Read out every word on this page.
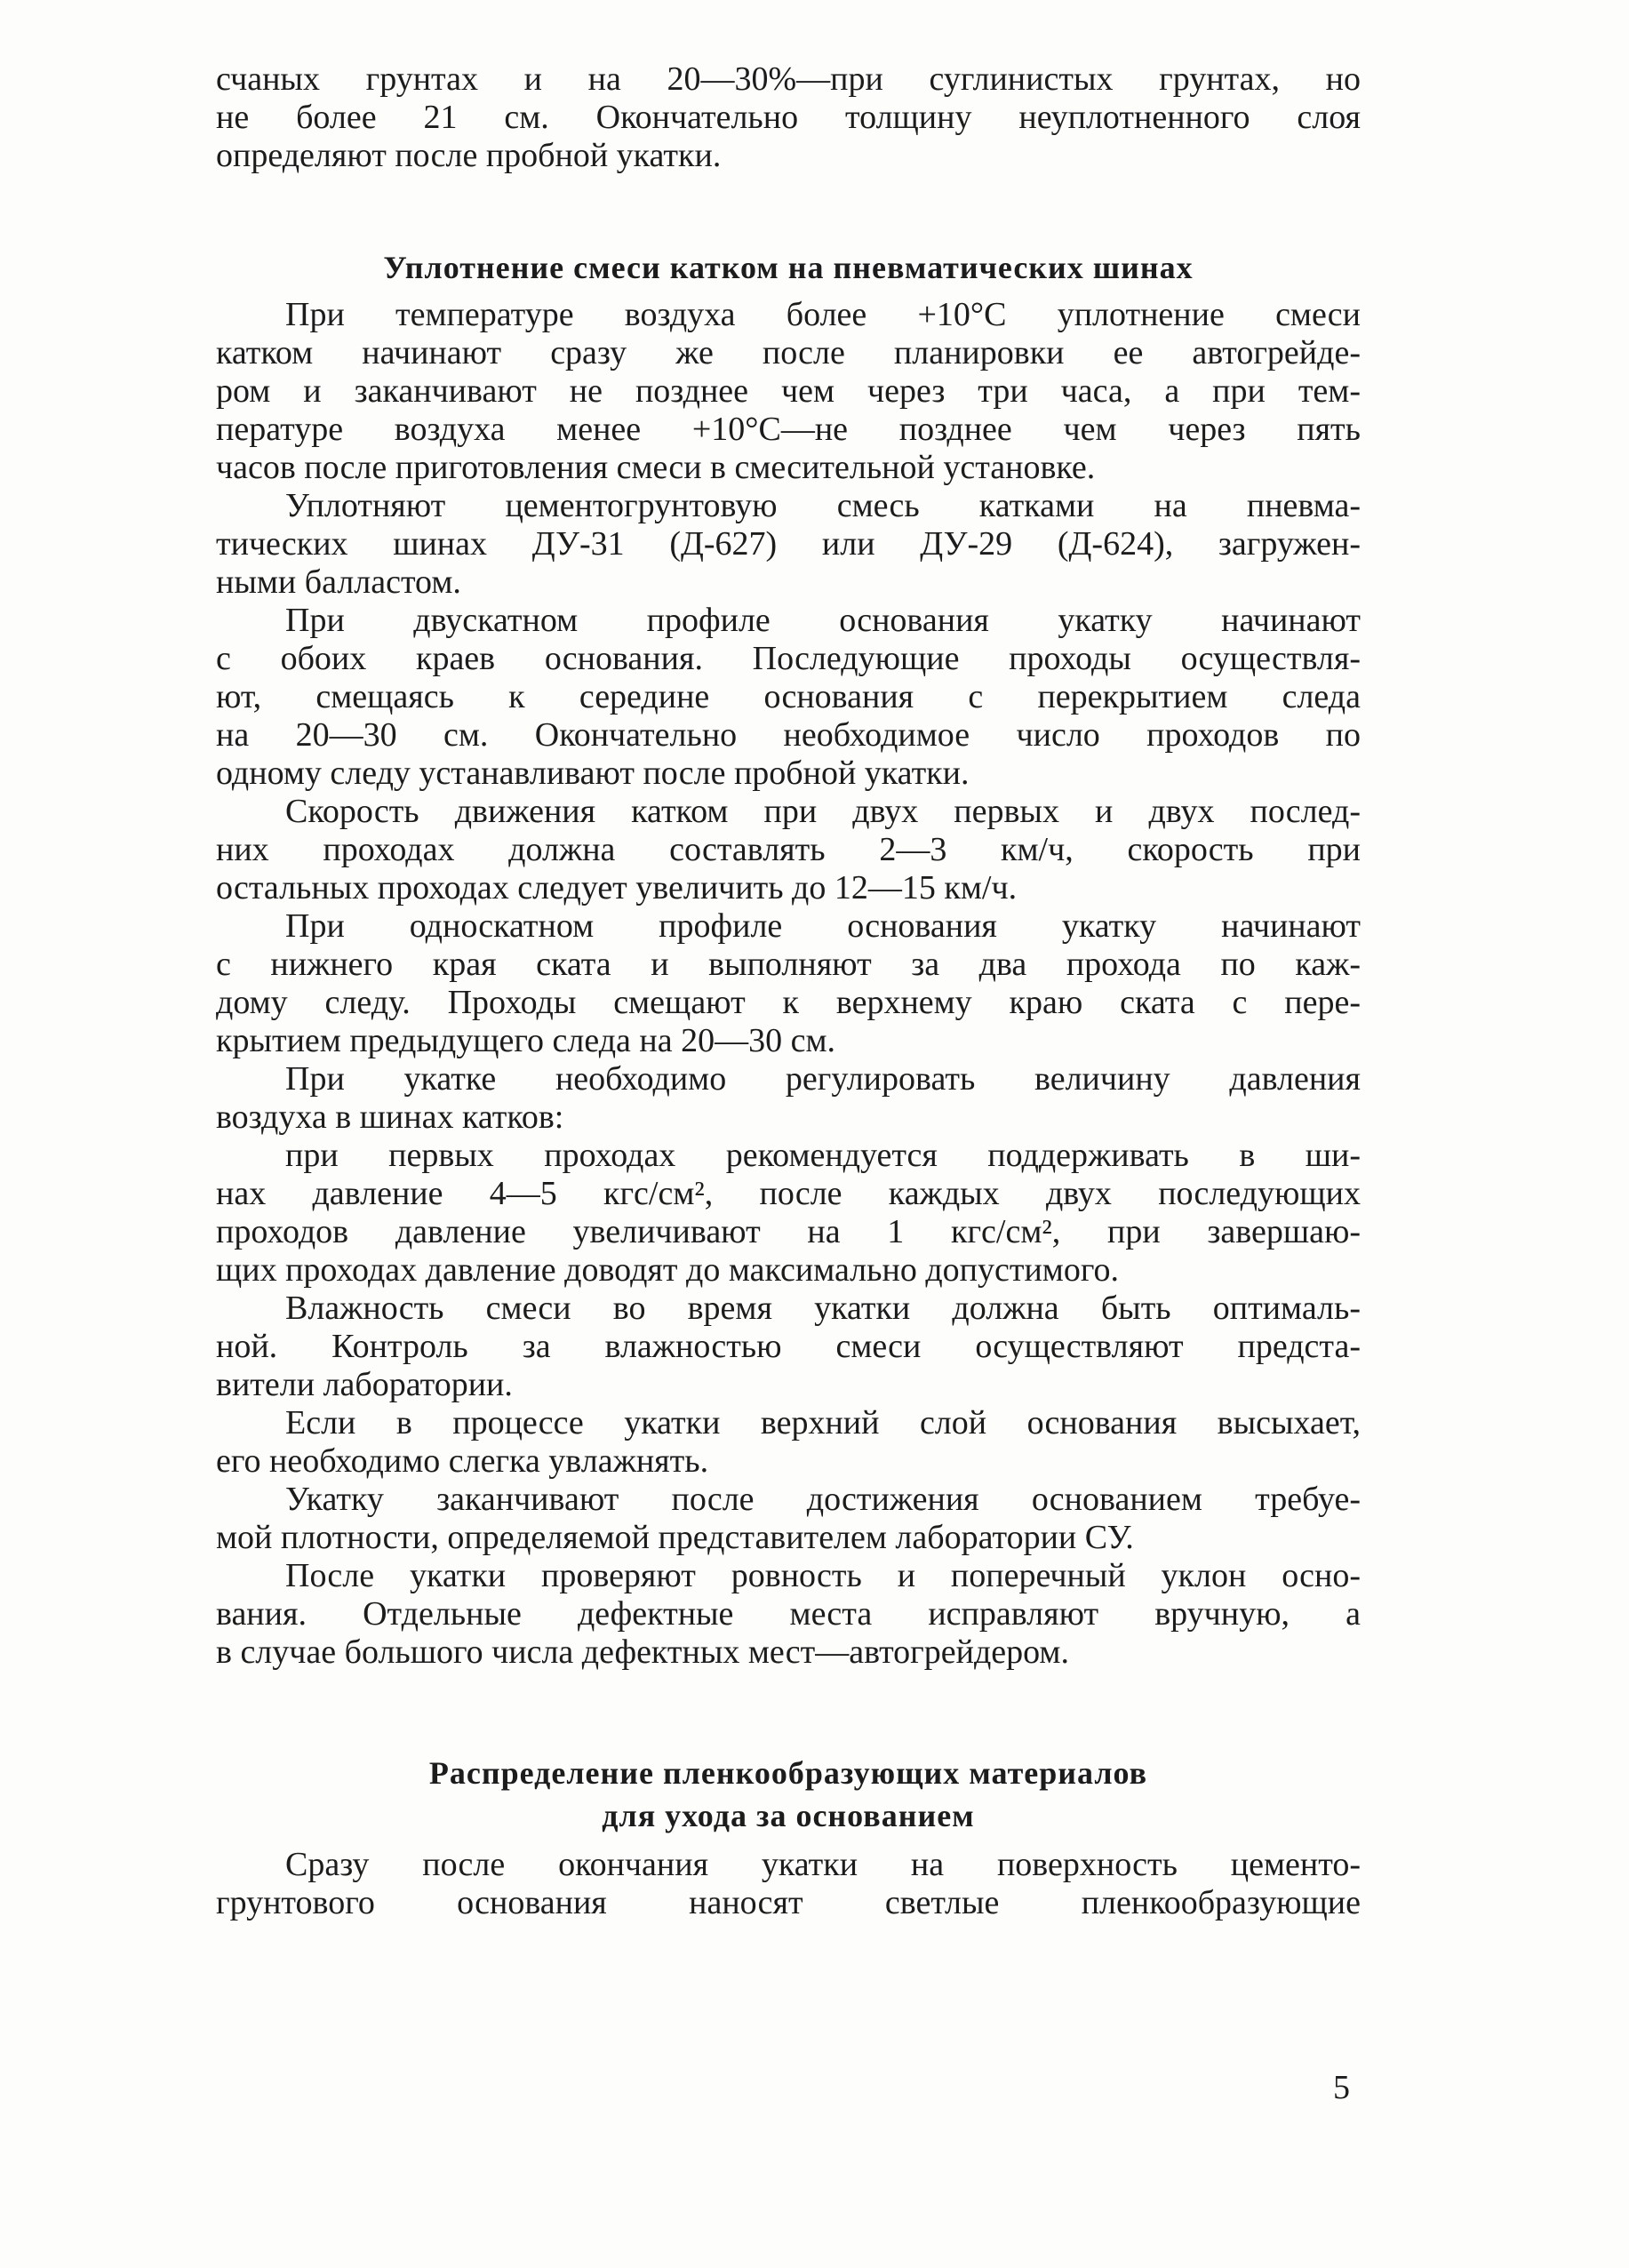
счаных грунтах и на 20—30%—при суглинистых грунтах, но
не более 21 см. Окончательно толщину неуплотненного слоя
определяют после пробной укатки.
Уплотнение смеси катком на пневматических шинах
При температуре воздуха более +10°С уплотнение смеси
катком начинают сразу же после планировки ее автогрейде-
ром и заканчивают не позднее чем через три часа, а при тем-
пературе воздуха менее +10°С—не позднее чем через пять
часов после приготовления смеси в смесительной установке.
Уплотняют цементогрунтовую смесь катками на пневма-
тических шинах ДУ-31 (Д-627) или ДУ-29 (Д-624), загружен-
ными балластом.
При двускатном профиле основания укатку начинают
с обоих краев основания. Последующие проходы осуществля-
ют, смещаясь к середине основания с перекрытием следа
на 20—30 см. Окончательно необходимое число проходов по
одному следу устанавливают после пробной укатки.
Скорость движения катком при двух первых и двух послед-
них проходах должна составлять 2—3 км/ч, скорость при
остальных проходах следует увеличить до 12—15 км/ч.
При односкатном профиле основания укатку начинают
с нижнего края ската и выполняют за два прохода по каж-
дому следу. Проходы смещают к верхнему краю ската с пере-
крытием предыдущего следа на 20—30 см.
При укатке необходимо регулировать величину давления
воздуха в шинах катков:
при первых проходах рекомендуется поддерживать в ши-
нах давление 4—5 кгс/см², после каждых двух последующих
проходов давление увеличивают на 1 кгс/см², при завершаю-
щих проходах давление доводят до максимально допустимого.
Влажность смеси во время укатки должна быть оптималь-
ной. Контроль за влажностью смеси осуществляют предста-
вители лаборатории.
Если в процессе укатки верхний слой основания высыхает,
его необходимо слегка увлажнять.
Укатку заканчивают после достижения основанием требуе-
мой плотности, определяемой представителем лаборатории СУ.
После укатки проверяют ровность и поперечный уклон осно-
вания. Отдельные дефектные места исправляют вручную, а
в случае большого числа дефектных мест—автогрейдером.
Распределение пленкообразующих материалов
для ухода за основанием
Сразу после окончания укатки на поверхность цементо-
грунтового основания наносят светлые пленкообразующие
5
